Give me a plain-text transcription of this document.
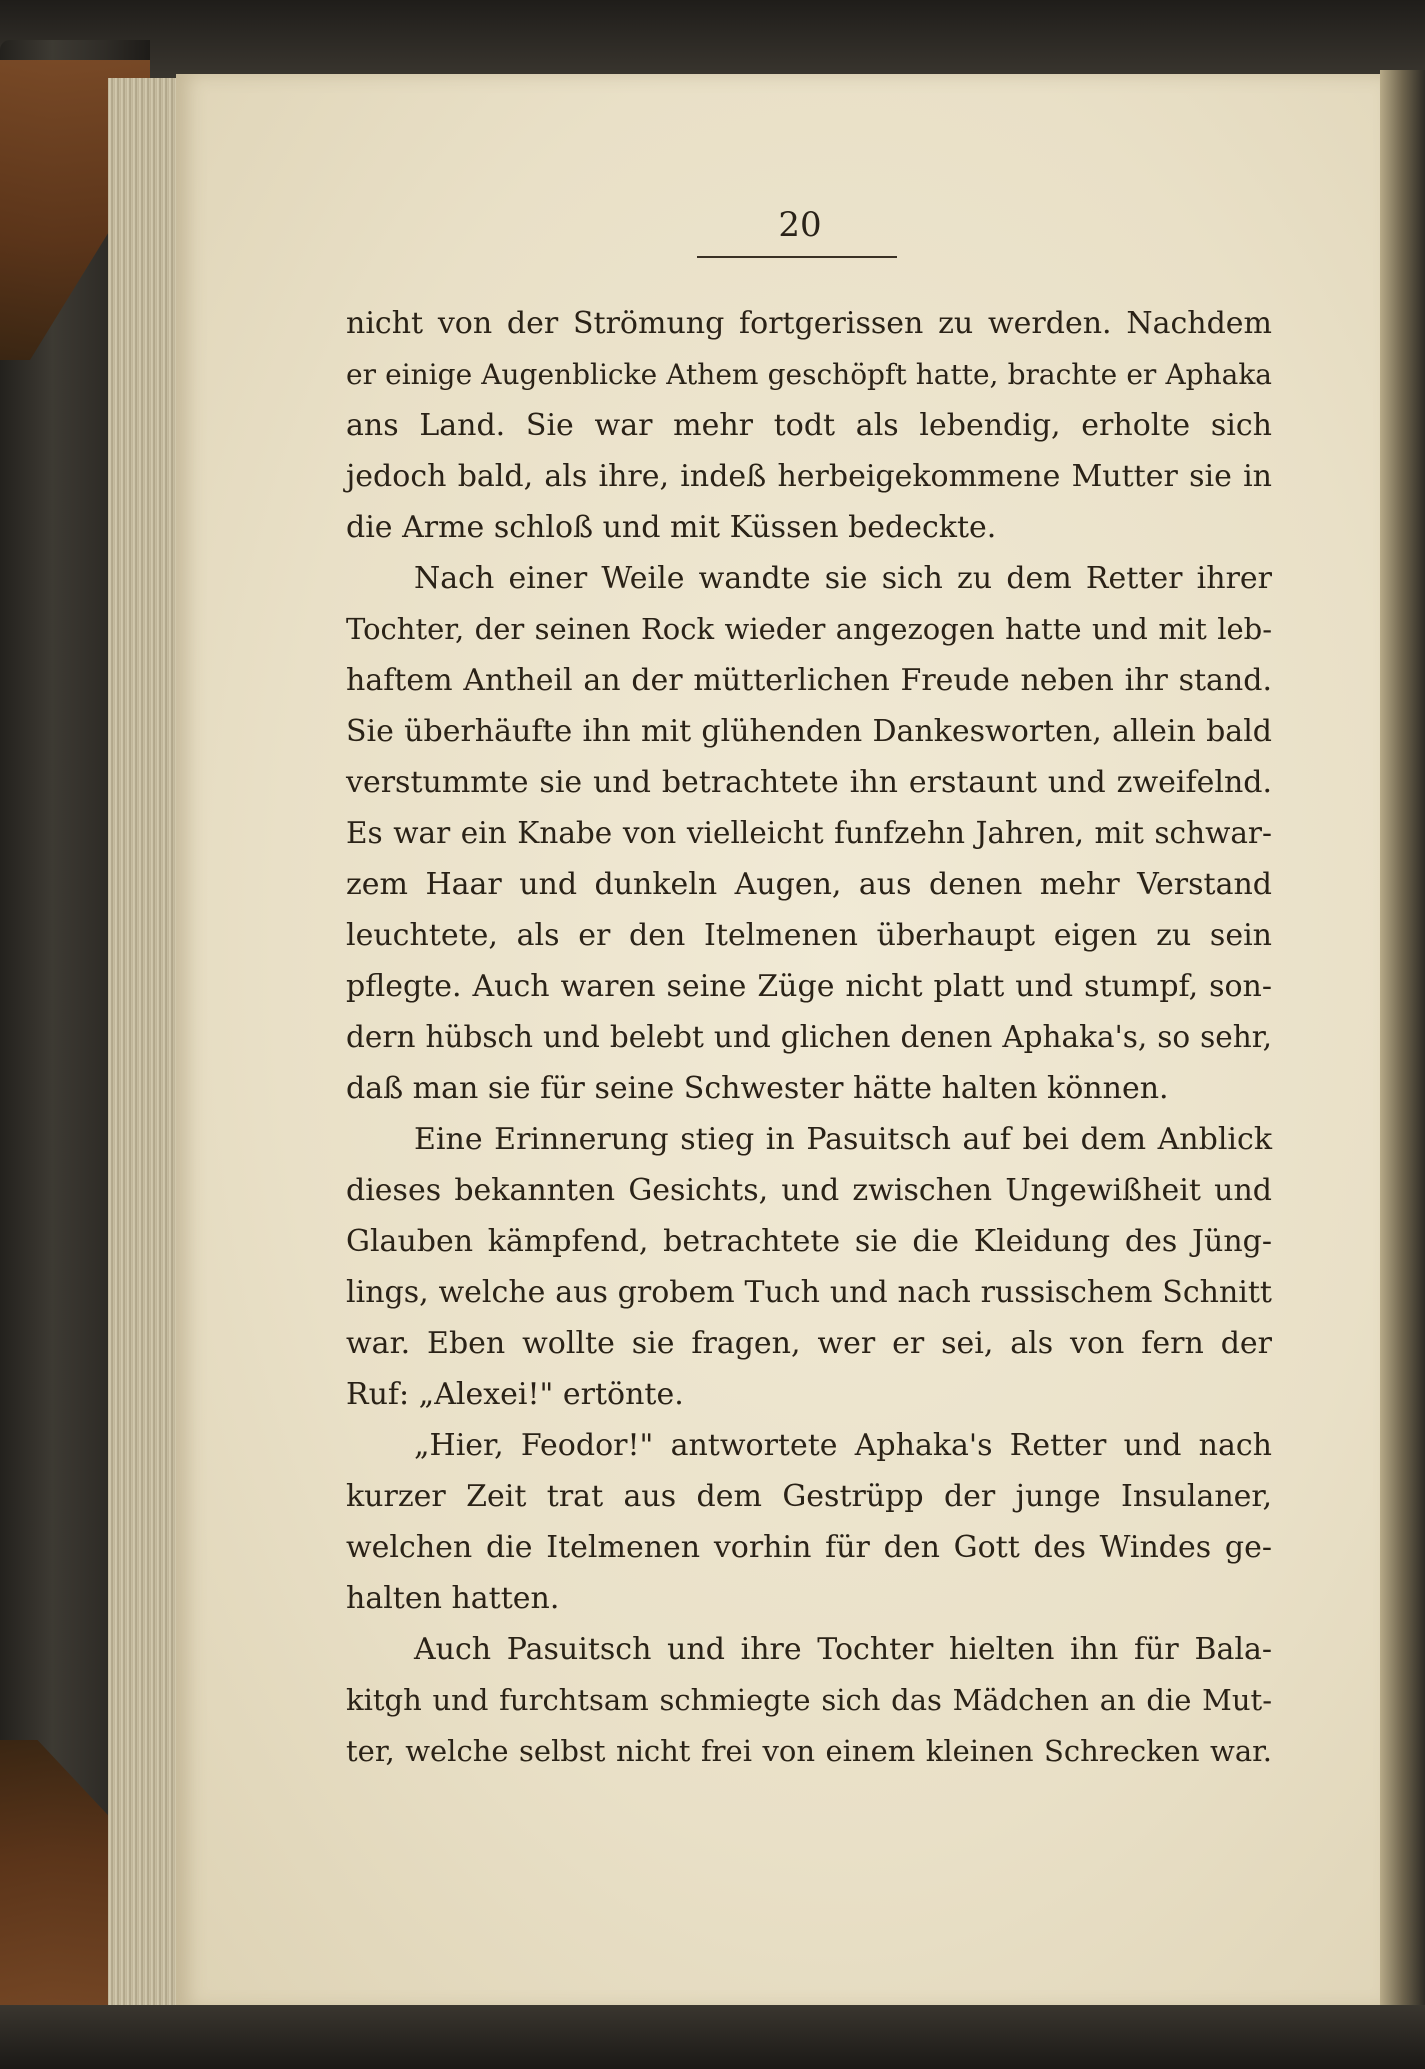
20

nicht von der Strömung fortgerissen zu werden. Nachdem

er einige Augenblicke Athem geschöpft hatte, brachte er Aphaka

ans Land. Sie war mehr todt als lebendig, erholte sich

jedoch bald, als ihre, indeß herbeigekommene Mutter sie in

die Arme schloß und mit Küssen bedeckte.

Nach einer Weile wandte sie sich zu dem Retter ihrer

Tochter, der seinen Rock wieder angezogen hatte und mit leb-

haftem Antheil an der mütterlichen Freude neben ihr stand.

Sie überhäufte ihn mit glühenden Dankesworten, allein bald

verstummte sie und betrachtete ihn erstaunt und zweifelnd.

Es war ein Knabe von vielleicht funfzehn Jahren, mit schwar-

zem Haar und dunkeln Augen, aus denen mehr Verstand

leuchtete, als er den Itelmenen überhaupt eigen zu sein

pflegte. Auch waren seine Züge nicht platt und stumpf, son-

dern hübsch und belebt und glichen denen Aphaka's, so sehr,

daß man sie für seine Schwester hätte halten können.

Eine Erinnerung stieg in Pasuitsch auf bei dem Anblick

dieses bekannten Gesichts, und zwischen Ungewißheit und

Glauben kämpfend, betrachtete sie die Kleidung des Jüng-

lings, welche aus grobem Tuch und nach russischem Schnitt

war. Eben wollte sie fragen, wer er sei, als von fern der

Ruf: „Alexei!" ertönte.

„Hier, Feodor!" antwortete Aphaka's Retter und nach

kurzer Zeit trat aus dem Gestrüpp der junge Insulaner,

welchen die Itelmenen vorhin für den Gott des Windes ge-

halten hatten.

Auch Pasuitsch und ihre Tochter hielten ihn für Bala-

kitgh und furchtsam schmiegte sich das Mädchen an die Mut-

ter, welche selbst nicht frei von einem kleinen Schrecken war.
